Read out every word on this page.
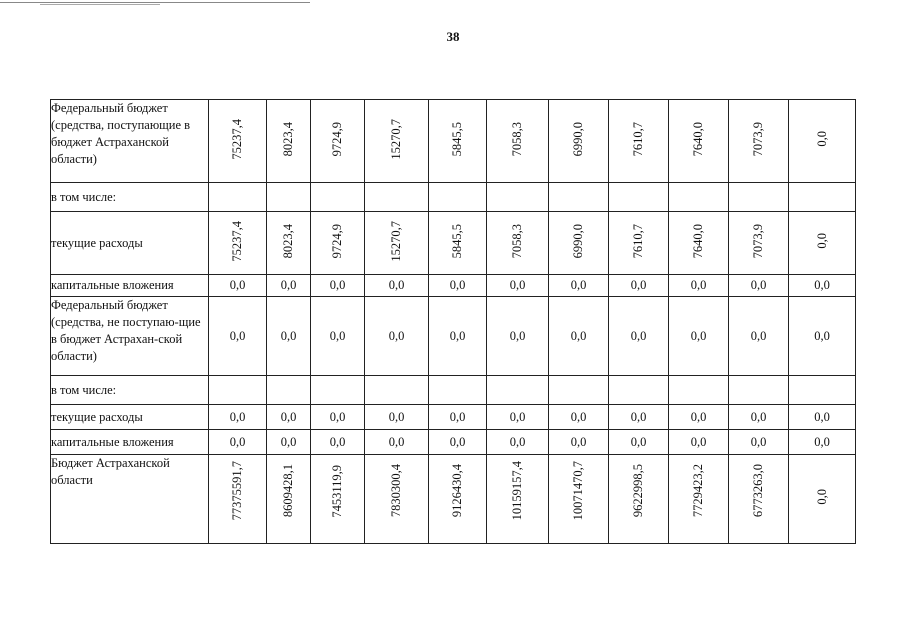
38
Федеральный бюджет (средства, поступающие в бюджет Астраханской области)	75237,4	8023,4	9724,9	15270,7	5845,5	7058,3	6990,0	7610,7	7640,0	7073,9	0,0
в том числе:											
текущие расходы	75237,4	8023,4	9724,9	15270,7	5845,5	7058,3	6990,0	7610,7	7640,0	7073,9	0,0
капитальные вложения	0,0	0,0	0,0	0,0	0,0	0,0	0,0	0,0	0,0	0,0	0,0
Федеральный бюджет (средства, не поступаю-щие в бюджет Астрахан-ской области)	0,0	0,0	0,0	0,0	0,0	0,0	0,0	0,0	0,0	0,0	0,0
в том числе:											
текущие расходы	0,0	0,0	0,0	0,0	0,0	0,0	0,0	0,0	0,0	0,0	0,0
капитальные вложения	0,0	0,0	0,0	0,0	0,0	0,0	0,0	0,0	0,0	0,0	0,0
Бюджет Астраханской области	77375591,7	8609428,1	7453119,9	7830300,4	9126430,4	10159157,4	10071470,7	9622998,5	7729423,2	6773263,0	0,0
